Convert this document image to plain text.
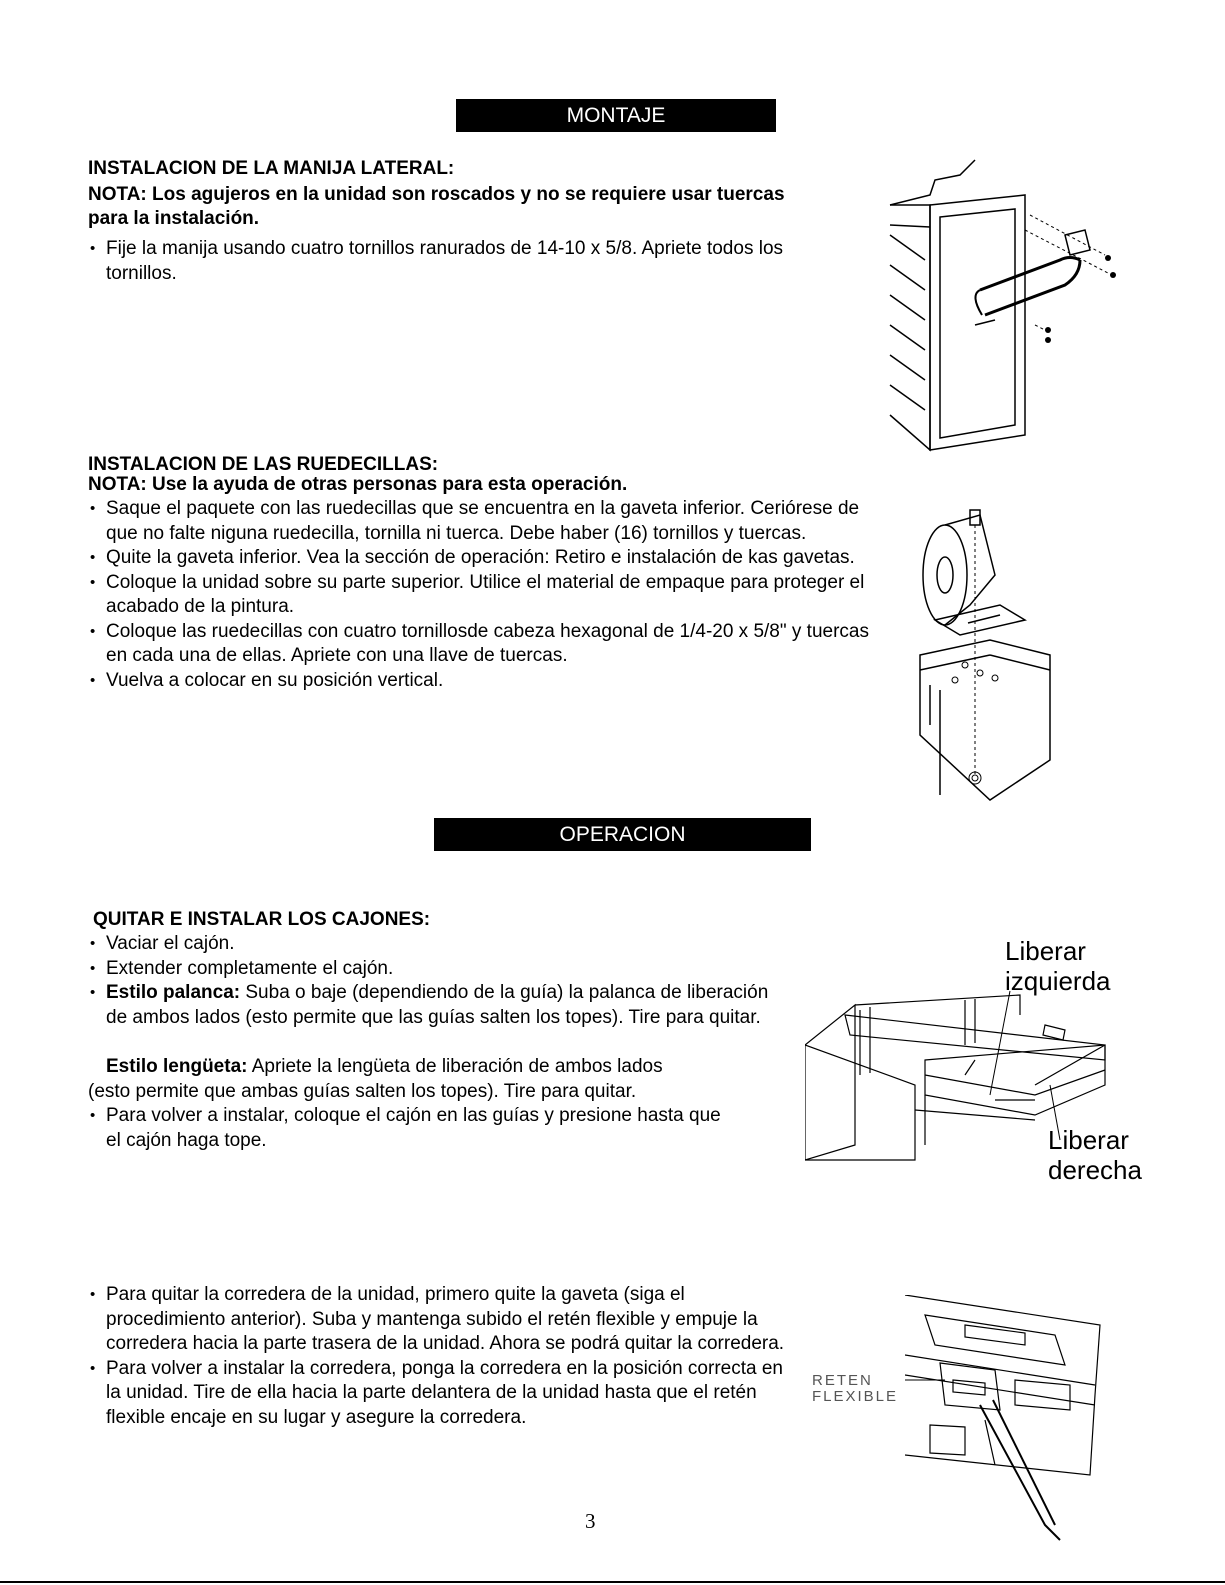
MONTAJE
INSTALACION DE LA MANIJA LATERAL:
NOTA: Los agujeros en la unidad son roscados y no se requiere usar tuercas para la instalación.
• Fije la manija usando cuatro tornillos ranurados de 14-10 x 5/8. Apriete todos los tornillos.
INSTALACION DE LAS RUEDECILLAS:
NOTA: Use la ayuda de otras personas para esta operación.
• Saque el paquete con las ruedecillas que se encuentra en la gaveta inferior. Ceriórese de que no falte niguna ruedecilla, tornilla ni tuerca. Debe haber (16) tornillos y tuercas.
• Quite la gaveta inferior. Vea la sección de operación: Retiro e instalación de kas gavetas.
• Coloque la unidad sobre su parte superior. Utilice el material de empaque para proteger el acabado de la pintura.
• Coloque las ruedecillas con cuatro tornillosde cabeza hexagonal de 1/4-20 x 5/8" y tuercas en cada una de ellas. Apriete con una llave de tuercas.
• Vuelva a colocar en su posición vertical.
OPERACION
QUITAR E INSTALAR LOS CAJONES:
• Vaciar el cajón.
• Extender completamente el cajón.
• Estilo palanca: Suba o baje (dependiendo de la guía) la palanca de liberación de ambos lados (esto permite que las guías salten los topes). Tire para quitar.
Estilo lengüeta: Apriete la lengüeta de liberación de ambos lados
(esto permite que ambas guías salten los topes). Tire para quitar.
• Para volver a instalar, coloque el cajón en las guías y presione hasta que el cajón haga tope.
Liberar
izquierda
Liberar
derecha
• Para quitar la corredera de la unidad, primero quite la gaveta (siga el procedimiento anterior). Suba y mantenga subido el retén flexible y empuje la corredera hacia la parte trasera de la unidad. Ahora se podrá quitar la corredera.
• Para volver a instalar la corredera, ponga la corredera en la posición correcta en la unidad. Tire de ella hacia la parte delantera de la unidad hasta que el retén flexible encaje en su lugar y asegure la corredera.
RETEN
FLEXIBLE
3
